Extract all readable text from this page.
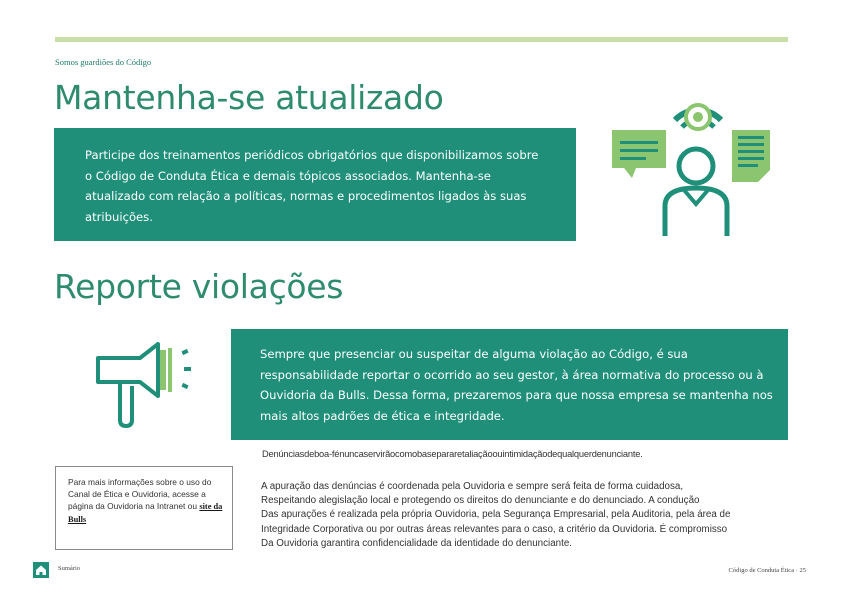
Somos guardiões do Código
Mantenha-se atualizado
Participe dos treinamentos periódicos obrigatórios que disponibilizamos sobre o Código de Conduta Ética e demais tópicos associados. Mantenha-se atualizado com relação a políticas, normas e procedimentos ligados às suas atribuições.
Reporte violações
Sempre que presenciar ou suspeitar de alguma violação ao Código, é sua responsabilidade reportar o ocorrido ao seu gestor, à área normativa do processo ou à Ouvidoria da Bulls. Dessa forma, prezaremos para que nossa empresa se mantenha nos mais altos padrões de ética e integridade.
Denúnciasdeboa-fénuncaservirãocomobasepararetaliaçãoouintimidaçãodequalquerdenunciante.
Para mais informações sobre o uso do Canal de Ética e Ouvidoria, acesse a página da Ouvidoria na Intranet ou site da Bulls
A apuração das denúncias é coordenada pela Ouvidoria e sempre será feita de forma cuidadosa,
Respeitando alegislação local e protegendo os direitos do denunciante e do denunciado. A condução
Das apurações é realizada pela própria Ouvidoria, pela Segurança Empresarial, pela Auditoria, pela área de
Integridade Corporativa ou por outras áreas relevantes para o caso, a critério da Ouvidoria. É compromisso
Da Ouvidoria garantira confidencialidade da identidade do denunciante.
Sumário	Código de Conduta Ética · 25
